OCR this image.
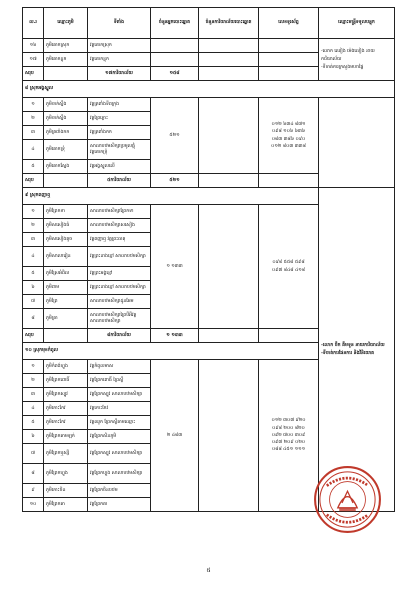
ល.រ	ឈ្មោះភូមិ	ទីតាំង	ចំនួនអ្នកបោះឆ្នោត	ចំនួនការិយាល័យបោះឆ្នោត	លេខទូរស័ព្ទ	ឈ្មោះមន្ត្រីទទួលបន្ទុក
១៦	ភូមិគោកស្រុក	វត្តគោកស្រុក				-លោក ឈៀង ម៉េងលៀង នាយការិយាល័យ
-ទីចាត់ការក្រសួងមហាផ្ទៃ
១៧	ភូមិគោកខ្លុក	វត្តគោកខ្លុក				
សរុប		១៧ការិយាល័យ	១៥៨			
៨ ស្រុកអង្គស្នួល						
១	ភូមិចាក់ស្នឹង	វត្តត្រពាំងទីពក្រុង	៥២១		០១២ ៦៣៤ ៨៧១
០៩៨ ១០៦ ៦៣៦
០៨៣ ៣៨៦ ០៩០
០១២ ៨០៣ ៣៣៨	
២	ភូមិចាក់ស្នឹង	វត្តព្រៃភ្លោះ				
៣	ភូមិត្រពាំងកក	វត្តត្រពាំងកក				
៤	ភូមិគោកទ្រុំ	សាលាបឋមសិក្សាប្រមូលផ្តុំ វត្តគោកទ្រុំ				
៥	ភូមិគោកស្នែង	វត្តអង្គស្នួលលើ				
សរុប		៥ការិយាល័យ	៥២១			
៩ ស្រុកពញាឮ						-លោក ចឹក គឹមទួន នាយការិយាល័យ
-ទីចាត់ការផែនការ និងវិនិយោគ
១	ភូមិព្រែកទា	សាលាបឋមសិក្សាព្រែកទា	១ ១៣៣		០៩៨ ៥៥៨ ៥៩៨
០៩៧ ៨៤៨ ៤១៨	
២	ភូមិសសៀងធំ	សាលាបឋមសិក្សាសសៀង				
៣	ភូមិសសៀងតូច	វត្តពញាឮ វត្តព្រះធាតុ				
៤	ភូមិសាលារៀន	វត្តព្រះនាងខ្មៅ សាលាបឋមសិក្សា				
៥	ភូមិស្រែអំពិល	វត្តព្រះអង្គខ្មៅ				
៦	ភូមិពាម	វត្តព្រះនាងខ្មៅ សាលាបឋមសិក្សា				
៧	ភូមិព្រៃ	សាលាបឋមសិក្សាដូនអែម				
៨	ភូមិត្រា	សាលាបឋមសិក្សាព្រៃបីអីវត្ត សាលាបឋមសិក្សា				
សរុប		៨ការិយាល័យ	១ ១៣៣			
១០ ស្រុកមុខកំពូល						
១	ភូមិកំពង់ហ្លួង	វត្តកំពូលមាស	២ ៤៨៣		០១២ ៣០៧ ៩២០
០៩៨ ២០០ ៨២០
០៩២ ៧០០ ៣០៩
០៩៧ ២០៩ ០២០
០៨៨ ៤៥១ ១១១	
២	ភូមិព្រែកពោធិ៍	វត្តព្រែកពោធិ៍ ព្រៃស្ពឺ				
៣	ភូមិព្រែកស្បូវ	វត្តព្រែកស្បូវ សាលាបឋមសិក្សា				
៤	ភូមិកោះកែវ	វត្តកោះកែវ				
៥	ភូមិកោះកែវ	វត្តឈូក ព្រែកស្ពឺតាមឈ្មោះ				
៦	ភូមិព្រែកតាមឡក់	វត្តព្រែកសិនភូមិ				
៧	ភូមិព្រែកឬស្សី	វត្តព្រែកស្បូវ សាលាបឋមសិក្សា				
៨	ភូមិព្រែកហ្លួង	វត្តព្រែកហ្លួង សាលាបឋមសិក្សា				
៩	ភូមិកោះចិន	វត្តព្រែកចិនបឋម				
១០	ភូមិព្រែកតា	វត្តព្រែកតា				
៥
